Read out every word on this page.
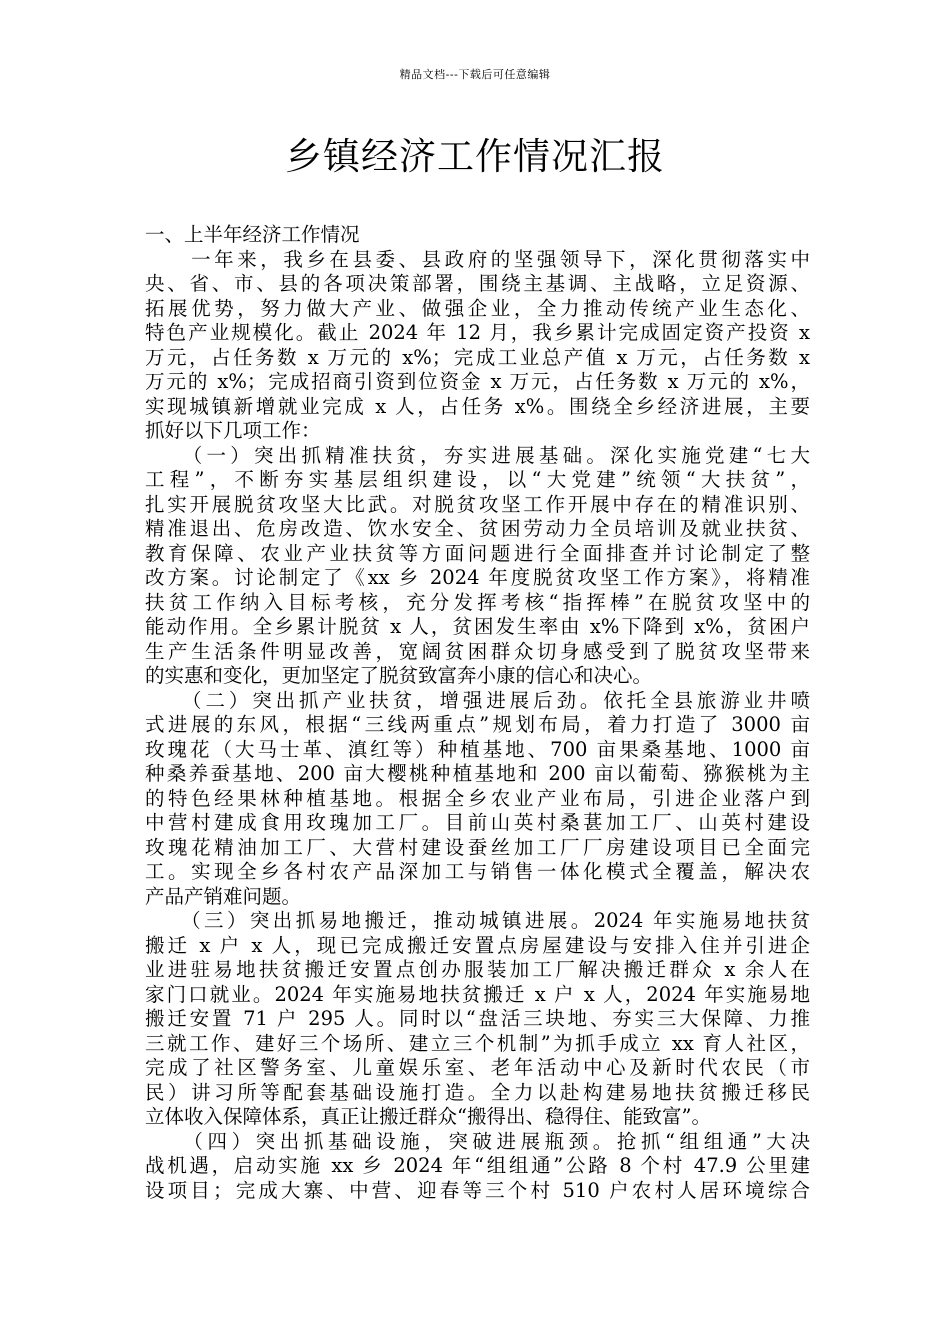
精品文档---下载后可任意编辑
乡镇经济工作情况汇报
一、上半年经济工作情况
　　一年来，我乡在县委、县政府的坚强领导下，深化贯彻落实中
央、省、市、县的各项决策部署，围绕主基调、主战略，立足资源、
拓展优势，努力做大产业、做强企业，全力推动传统产业生态化、
特色产业规模化。截止 2024 年 12 月，我乡累计完成固定资产投资 x
万元，占任务数 x 万元的 x%；完成工业总产值 x 万元，占任务数 x
万元的 x%；完成招商引资到位资金 x 万元，占任务数 x 万元的 x%，
实现城镇新增就业完成 x 人，占任务 x%。围绕全乡经济进展，主要
抓好以下几项工作：
　　（一）突出抓精准扶贫，夯实进展基础。深化实施党建“七大
工程”，不断夯实基层组织建设，以“大党建”统领“大扶贫”，
扎实开展脱贫攻坚大比武。对脱贫攻坚工作开展中存在的精准识别、
精准退出、危房改造、饮水安全、贫困劳动力全员培训及就业扶贫、
教育保障、农业产业扶贫等方面问题进行全面排查并讨论制定了整
改方案。讨论制定了《xx 乡 2024 年度脱贫攻坚工作方案》，将精准
扶贫工作纳入目标考核，充分发挥考核“指挥棒”在脱贫攻坚中的
能动作用。全乡累计脱贫 x 人，贫困发生率由 x%下降到 x%，贫困户
生产生活条件明显改善，宽阔贫困群众切身感受到了脱贫攻坚带来
的实惠和变化，更加坚定了脱贫致富奔小康的信心和决心。
　　（二）突出抓产业扶贫，增强进展后劲。依托全县旅游业井喷
式进展的东风，根据“三线两重点”规划布局，着力打造了 3000 亩
玫瑰花（大马士革、滇红等）种植基地、700 亩果桑基地、1000 亩
种桑养蚕基地、200 亩大樱桃种植基地和 200 亩以葡萄、猕猴桃为主
的特色经果林种植基地。根据全乡农业产业布局，引进企业落户到
中营村建成食用玫瑰加工厂。目前山英村桑葚加工厂、山英村建设
玫瑰花精油加工厂、大营村建设蚕丝加工厂厂房建设项目已全面完
工。实现全乡各村农产品深加工与销售一体化模式全覆盖，解决农
产品产销难问题。
　　（三）突出抓易地搬迁，推动城镇进展。2024 年实施易地扶贫
搬迁 x 户 x 人，现已完成搬迁安置点房屋建设与安排入住并引进企
业进驻易地扶贫搬迁安置点创办服装加工厂解决搬迁群众 x 余人在
家门口就业。2024 年实施易地扶贫搬迁 x 户 x 人，2024 年实施易地
搬迁安置 71 户 295 人。同时以“盘活三块地、夯实三大保障、力推
三就工作、建好三个场所、建立三个机制”为抓手成立 xx 育人社区，
完成了社区警务室、儿童娱乐室、老年活动中心及新时代农民（市
民）讲习所等配套基础设施打造。全力以赴构建易地扶贫搬迁移民
立体收入保障体系，真正让搬迁群众“搬得出、稳得住、能致富”。
　　（四）突出抓基础设施，突破进展瓶颈。抢抓“组组通”大决
战机遇，启动实施 xx 乡 2024 年“组组通”公路 8 个村 47.9 公里建
设项目；完成大寨、中营、迎春等三个村 510 户农村人居环境综合
